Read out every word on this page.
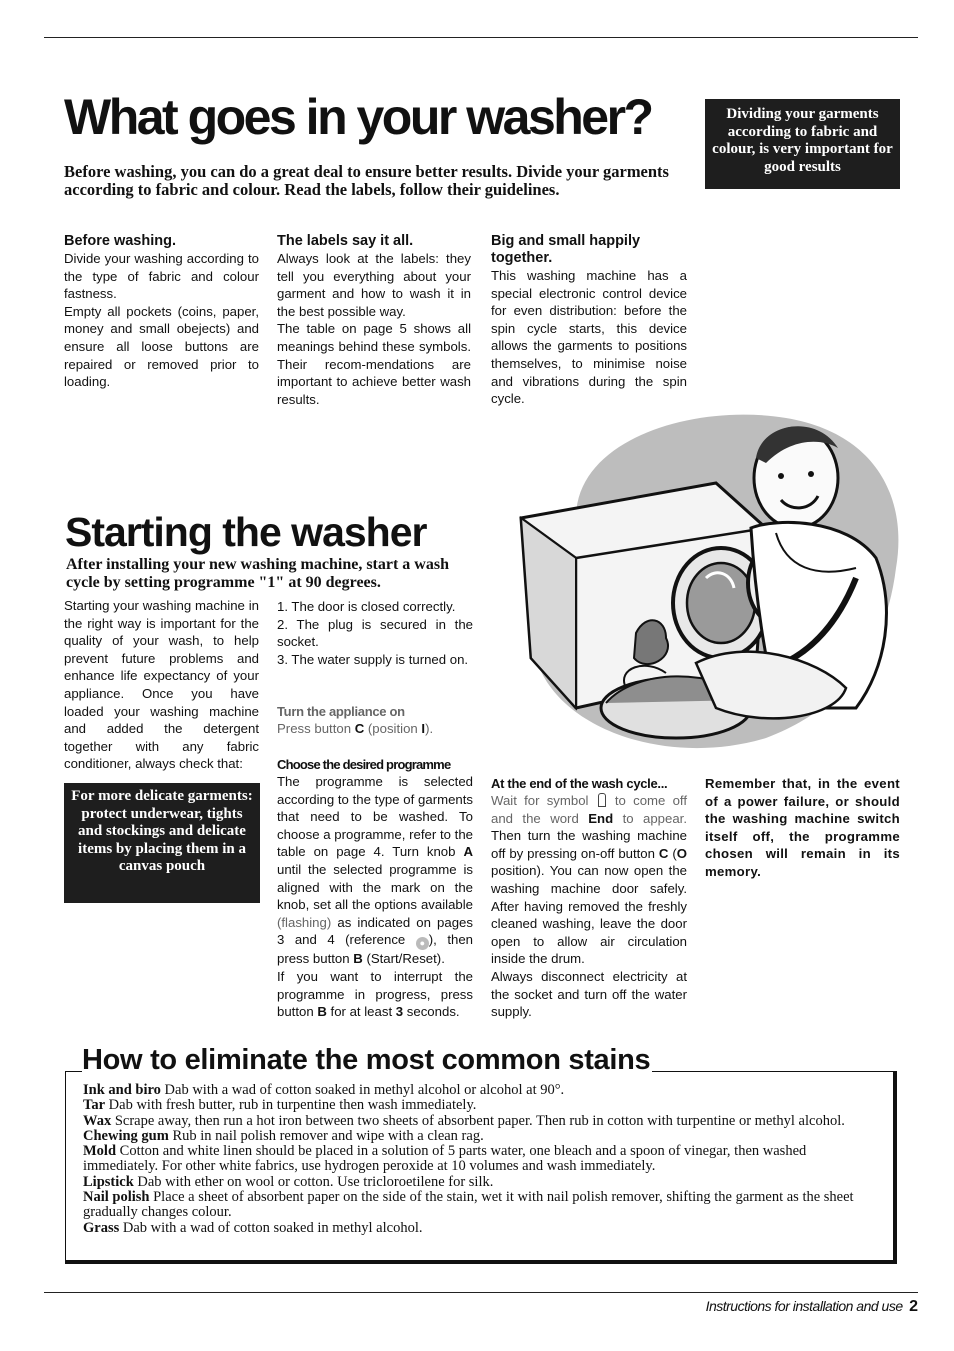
What goes in your washer?
Before washing, you can do a great deal to ensure better results. Divide your garments according to fabric and colour. Read the labels, follow their guidelines.
Dividing your garments according to fabric and colour, is very important for good results
Before washing.

Divide your washing according to the type of fabric and colour fastness.

Empty all pockets (coins, paper, money and small obejects) and ensure all loose buttons are repaired or removed prior to loading.

The labels say it all.

Always look at the labels: they tell you everything about your garment and how to wash it in the best possible way.

The table on page 5 shows all meanings behind these symbols. Their recom-mendations are important to achieve better wash results.

Big and small happily together.

This washing machine has a special electronic control device for even distribution: before the spin cycle starts, this device allows the garments to positions themselves, to minimise noise and vibrations during the spin cycle.

Starting the washer
After installing your new washing machine, start a wash cycle by setting programme "1" at 90 degrees.
Starting your washing machine in the right way is important for the quality of your wash, to help prevent future problems and enhance life expectancy of your appliance. Once you have loaded your washing machine and added the detergent together with any fabric conditioner, always check that:
For more delicate garments: protect underwear, tights and stockings and delicate items by placing them in a canvas pouch

1. The door is closed correctly.

2. The plug is secured in the socket.

3. The water supply is turned on.

Turn the appliance on
Press button C (position I).
Choose the desired programme
The programme is selected according to the type of garments that need to be washed. To choose a programme, refer to the table on page 4. Turn knob A until the selected programme is aligned with the mark on the knob, set all the options available (flashing) as indicated on pages 3 and 4 (reference ● ), then press button B (Start/Reset).
If you want to interrupt the programme in progress, press button B for at least 3 seconds.
At the end of the wash cycle...
Wait for symbol  to come off and the word End to appear. Then turn the washing machine off by pressing on-off button C (O position). You can now open the washing machine door safely. After having removed the freshly cleaned washing, leave the door open to allow air circulation inside the drum.

Always disconnect electricity at the socket and turn off the water supply.

Remember that, in the event of a power failure, or should the washing machine switch itself off, the programme chosen will remain in its memory.
How to eliminate the most common stains
Ink and biro Dab with a wad of cotton soaked in methyl alcohol or alcohol at 90°.
Tar Dab with fresh butter, rub in turpentine then wash immediately.
Wax Scrape away, then run a hot iron between two sheets of absorbent paper. Then rub in cotton with turpentine or methyl alcohol.
Chewing gum Rub in nail polish remover and wipe with a clean rag.
Mold Cotton and white linen should be placed in a solution of 5 parts water, one bleach and a spoon of vinegar, then washed immediately. For other white fabrics, use hydrogen peroxide at 10 volumes and wash immediately.
Lipstick Dab with ether on wool or cotton. Use tricloroetilene for silk.
Nail polish Place a sheet of absorbent paper on the side of the stain, wet it with nail polish remover, shifting the garment as the sheet gradually changes colour.
Grass Dab with a wad of cotton soaked in methyl alcohol.
Instructions for installation and use 2
